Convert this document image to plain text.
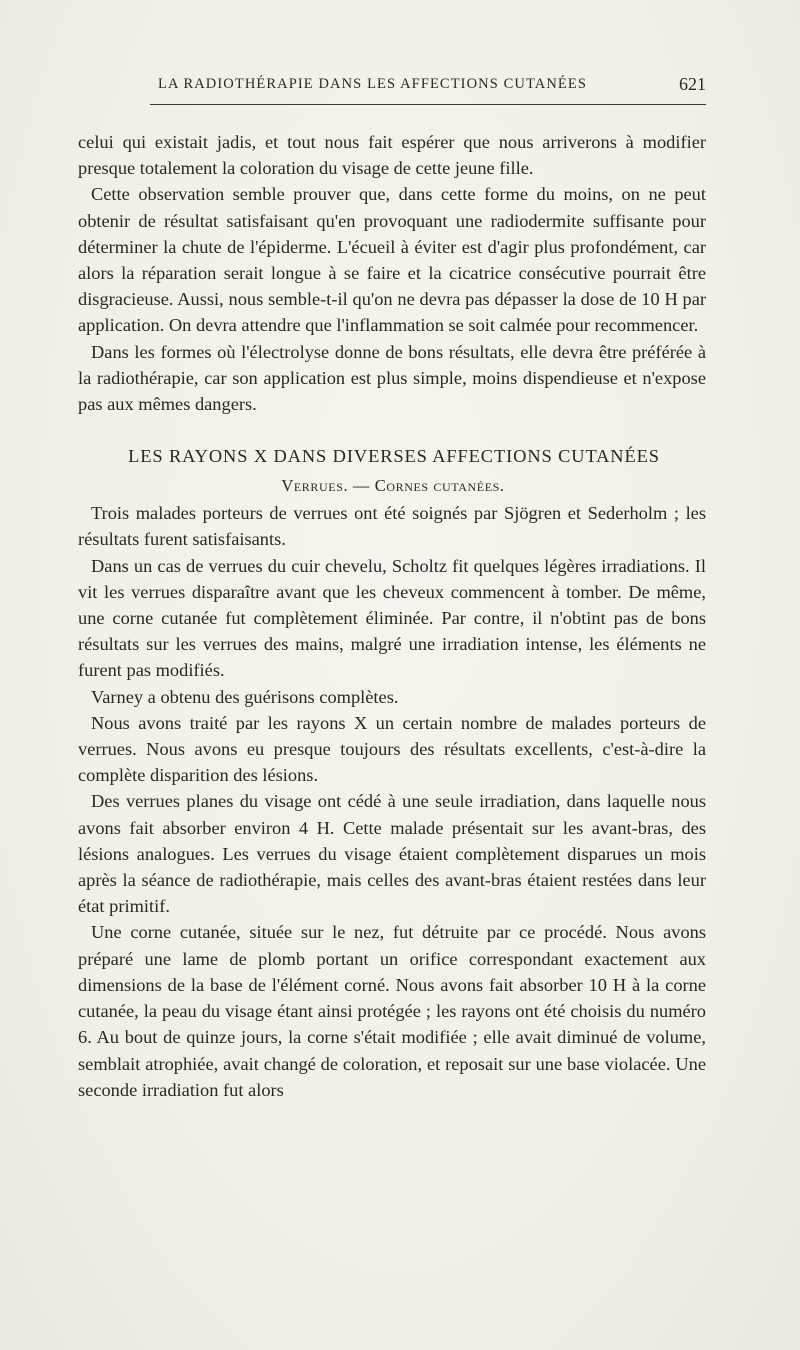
LA RADIOTHÉRAPIE DANS LES AFFECTIONS CUTANÉES	621

celui qui existait jadis, et tout nous fait espérer que nous arriverons à modifier presque totalement la coloration du visage de cette jeune fille.

Cette observation semble prouver que, dans cette forme du moins, on ne peut obtenir de résultat satisfaisant qu'en provoquant une radiodermite suffisante pour déterminer la chute de l'épiderme. L'écueil à éviter est d'agir plus profondément, car alors la réparation serait longue à se faire et la cicatrice consécutive pourrait être disgracieuse. Aussi, nous semble-t-il qu'on ne devra pas dépasser la dose de 10 H par application. On devra attendre que l'inflammation se soit calmée pour recommencer.

Dans les formes où l'électrolyse donne de bons résultats, elle devra être préférée à la radiothérapie, car son application est plus simple, moins dispendieuse et n'expose pas aux mêmes dangers.

LES RAYONS X DANS DIVERSES AFFECTIONS CUTANÉES
Verrues. — Cornes cutanées.

Trois malades porteurs de verrues ont été soignés par Sjögren et Sederholm ; les résultats furent satisfaisants.

Dans un cas de verrues du cuir chevelu, Scholtz fit quelques légères irradiations. Il vit les verrues disparaître avant que les cheveux commencent à tomber. De même, une corne cutanée fut complètement éliminée. Par contre, il n'obtint pas de bons résultats sur les verrues des mains, malgré une irradiation intense, les éléments ne furent pas modifiés.

Varney a obtenu des guérisons complètes.

Nous avons traité par les rayons X un certain nombre de malades porteurs de verrues. Nous avons eu presque toujours des résultats excellents, c'est-à-dire la complète disparition des lésions.

Des verrues planes du visage ont cédé à une seule irradiation, dans laquelle nous avons fait absorber environ 4 H. Cette malade présentait sur les avant-bras, des lésions analogues. Les verrues du visage étaient complètement disparues un mois après la séance de radiothérapie, mais celles des avant-bras étaient restées dans leur état primitif.

Une corne cutanée, située sur le nez, fut détruite par ce procédé. Nous avons préparé une lame de plomb portant un orifice correspondant exactement aux dimensions de la base de l'élément corné. Nous avons fait absorber 10 H à la corne cutanée, la peau du visage étant ainsi protégée ; les rayons ont été choisis du numéro 6. Au bout de quinze jours, la corne s'était modifiée ; elle avait diminué de volume, semblait atrophiée, avait changé de coloration, et reposait sur une base violacée. Une seconde irradiation fut alors
